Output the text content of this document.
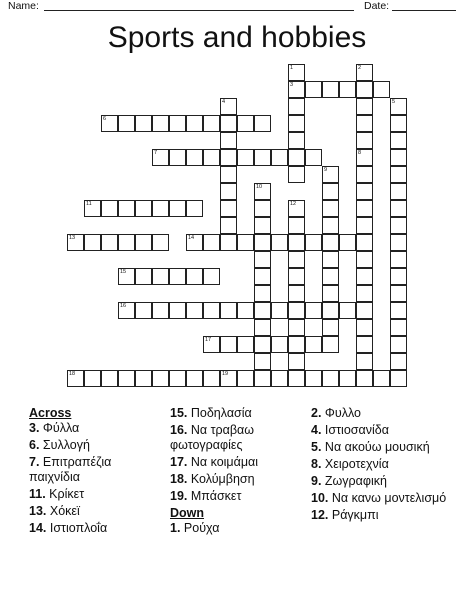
Name:	Date:
Sports and hobbies
3
6
7
11
13	14
15
16
17
18	19
1	2
8
4	5
9
10
12
Across
3. Φύλλα
6. Συλλογή
7. Επιτραπέζια παιχνίδια
11. Κρίκετ
13. Χόκεϊ
14. Ιστιοπλοΐα
15. Ποδηλασία
16. Να τραβαω φωτογραφίες
17. Να κοιμάμαι
18. Κολύμβηση
19. Μπάσκετ
Down
1. Ρούχα
2. Φυλλο
4. Ιστιοσανίδα
5. Να ακούω μουσική
8. Χειροτεχνία
9. Ζωγραφική
10. Να κανω μοντελισμό
12. Ράγκμπι
